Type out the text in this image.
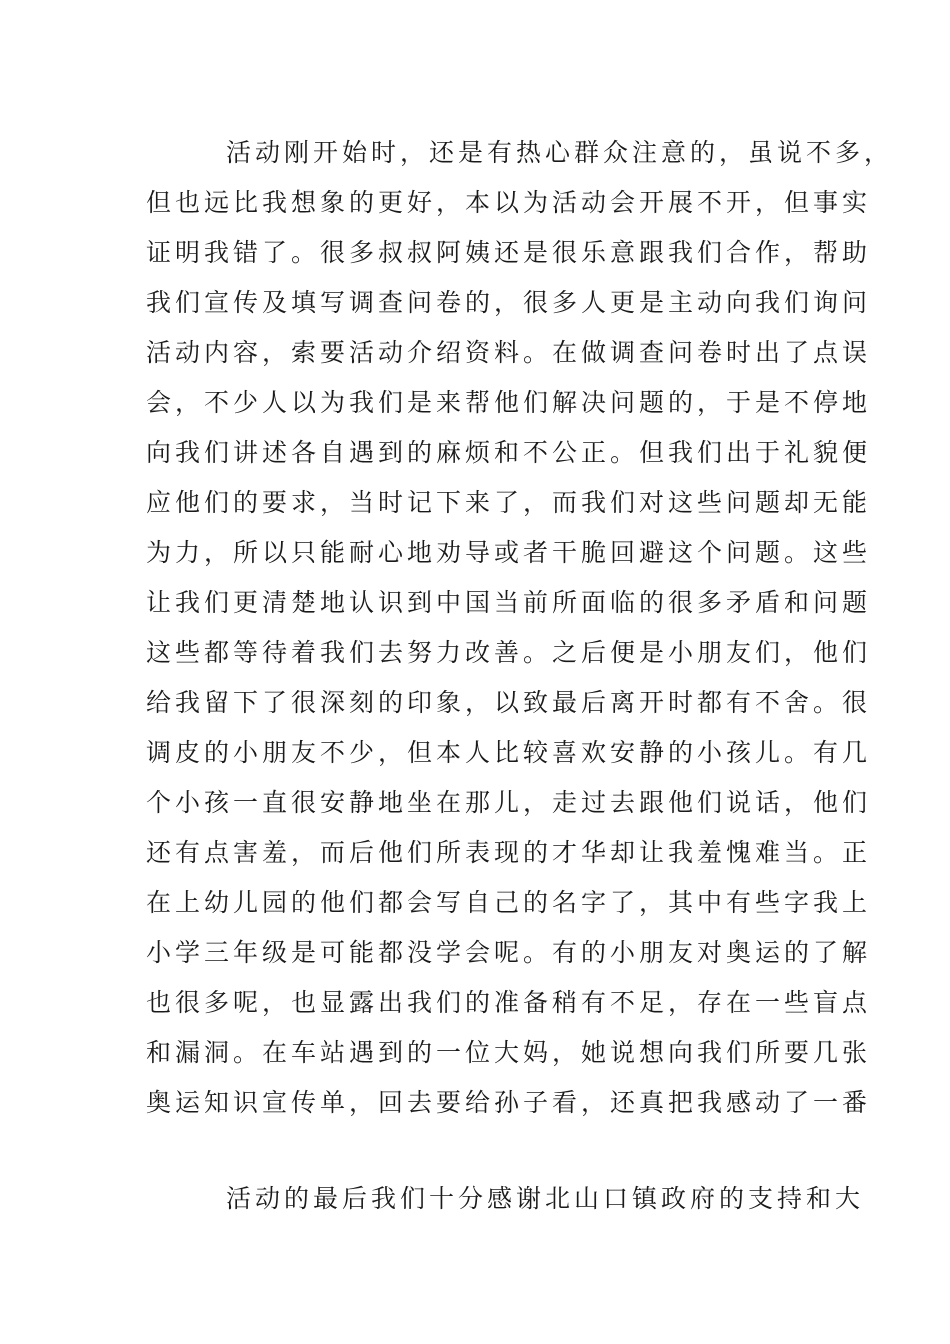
活动刚开始时，还是有热心群众注意的，虽说不多，
但也远比我想象的更好，本以为活动会开展不开，但事实
证明我错了。很多叔叔阿姨还是很乐意跟我们合作，帮助
我们宣传及填写调查问卷的，很多人更是主动向我们询问
活动内容，索要活动介绍资料。在做调查问卷时出了点误
会，不少人以为我们是来帮他们解决问题的，于是不停地
向我们讲述各自遇到的麻烦和不公正。但我们出于礼貌便
应他们的要求，当时记下来了，而我们对这些问题却无能
为力，所以只能耐心地劝导或者干脆回避这个问题。这些
让我们更清楚地认识到中国当前所面临的很多矛盾和问题
这些都等待着我们去努力改善。之后便是小朋友们，他们
给我留下了很深刻的印象，以致最后离开时都有不舍。很
调皮的小朋友不少，但本人比较喜欢安静的小孩儿。有几
个小孩一直很安静地坐在那儿，走过去跟他们说话，他们
还有点害羞，而后他们所表现的才华却让我羞愧难当。正
在上幼儿园的他们都会写自己的名字了，其中有些字我上
小学三年级是可能都没学会呢。有的小朋友对奥运的了解
也很多呢，也显露出我们的准备稍有不足，存在一些盲点
和漏洞。在车站遇到的一位大妈，她说想向我们所要几张
奥运知识宣传单，回去要给孙子看，还真把我感动了一番
活动的最后我们十分感谢北山口镇政府的支持和大
